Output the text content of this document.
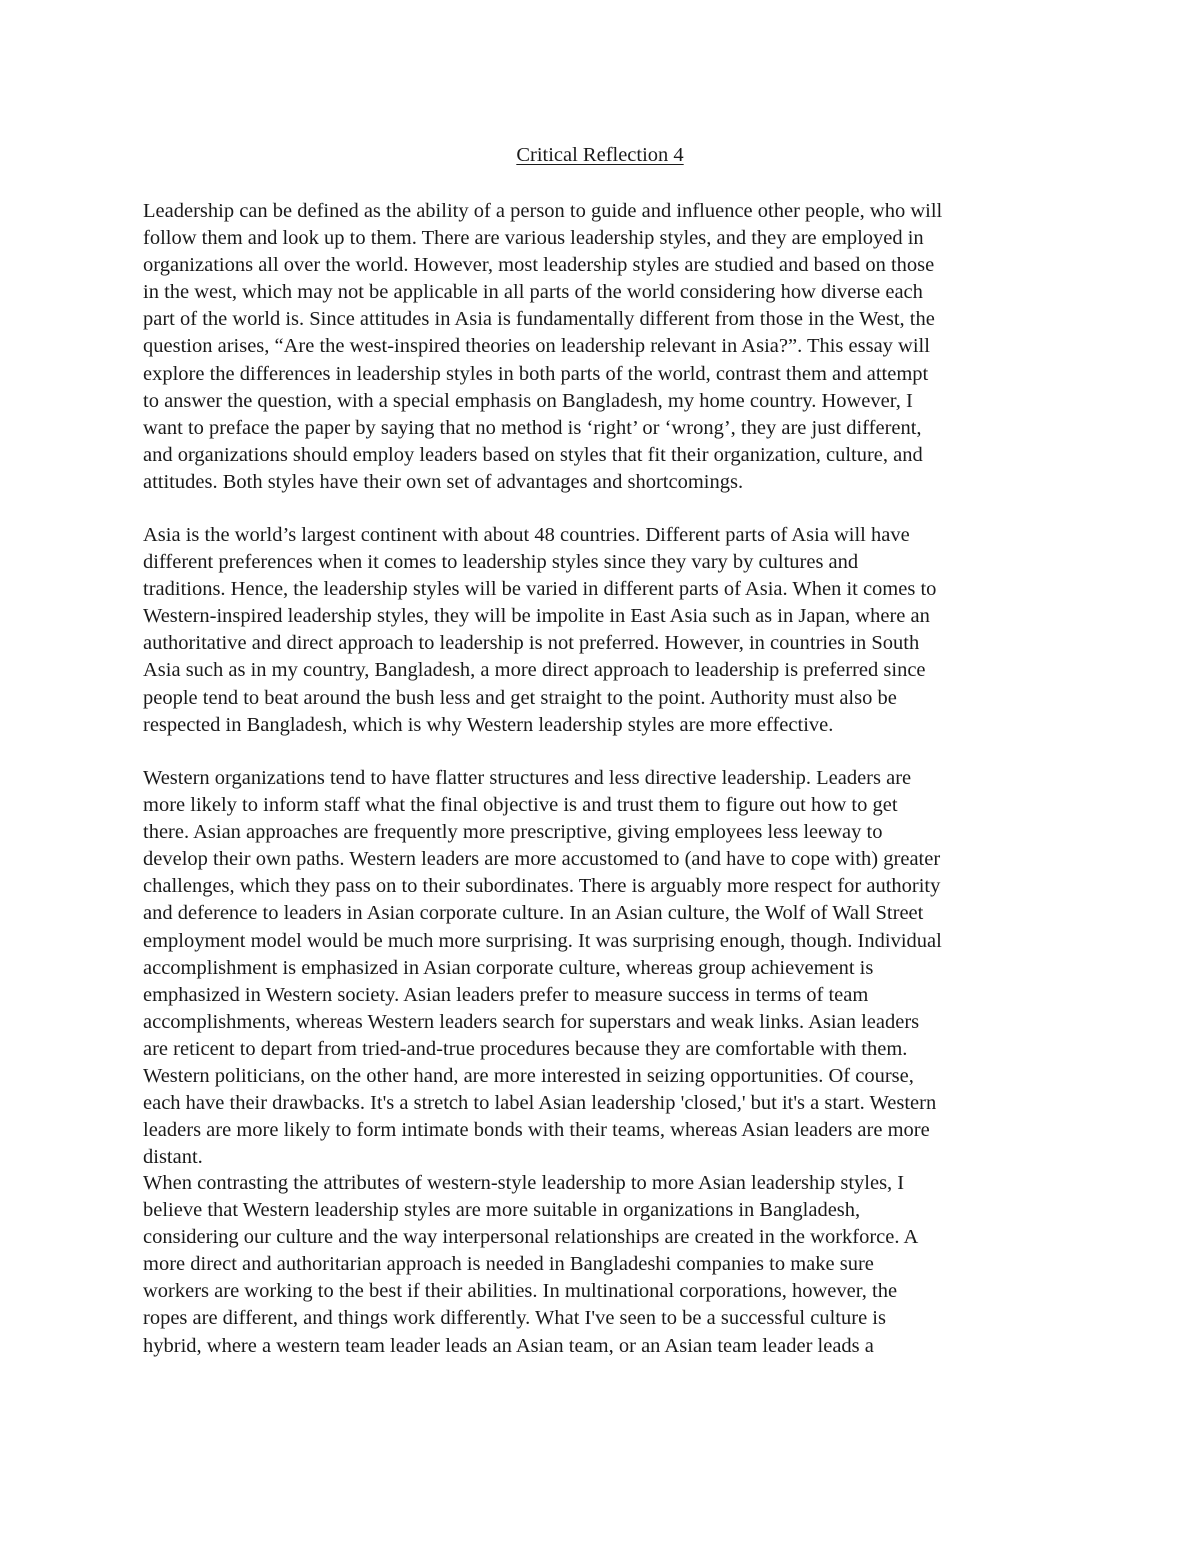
Critical Reflection 4

Leadership can be defined as the ability of a person to guide and influence other people, who will
follow them and look up to them. There are various leadership styles, and they are employed in
organizations all over the world. However, most leadership styles are studied and based on those
in the west, which may not be applicable in all parts of the world considering how diverse each
part of the world is. Since attitudes in Asia is fundamentally different from those in the West, the
question arises, “Are the west-inspired theories on leadership relevant in Asia?”. This essay will
explore the differences in leadership styles in both parts of the world, contrast them and attempt
to answer the question, with a special emphasis on Bangladesh, my home country. However, I
want to preface the paper by saying that no method is ‘right’ or ‘wrong’, they are just different,
and organizations should employ leaders based on styles that fit their organization, culture, and
attitudes. Both styles have their own set of advantages and shortcomings.

Asia is the world’s largest continent with about 48 countries. Different parts of Asia will have
different preferences when it comes to leadership styles since they vary by cultures and
traditions. Hence, the leadership styles will be varied in different parts of Asia. When it comes to
Western-inspired leadership styles, they will be impolite in East Asia such as in Japan, where an
authoritative and direct approach to leadership is not preferred. However, in countries in South
Asia such as in my country, Bangladesh, a more direct approach to leadership is preferred since
people tend to beat around the bush less and get straight to the point. Authority must also be
respected in Bangladesh, which is why Western leadership styles are more effective.

Western organizations tend to have flatter structures and less directive leadership. Leaders are
more likely to inform staff what the final objective is and trust them to figure out how to get
there. Asian approaches are frequently more prescriptive, giving employees less leeway to
develop their own paths. Western leaders are more accustomed to (and have to cope with) greater
challenges, which they pass on to their subordinates. There is arguably more respect for authority
and deference to leaders in Asian corporate culture. In an Asian culture, the Wolf of Wall Street
employment model would be much more surprising. It was surprising enough, though. Individual
accomplishment is emphasized in Asian corporate culture, whereas group achievement is
emphasized in Western society. Asian leaders prefer to measure success in terms of team
accomplishments, whereas Western leaders search for superstars and weak links. Asian leaders
are reticent to depart from tried-and-true procedures because they are comfortable with them.
Western politicians, on the other hand, are more interested in seizing opportunities. Of course,
each have their drawbacks. It's a stretch to label Asian leadership 'closed,' but it's a start. Western
leaders are more likely to form intimate bonds with their teams, whereas Asian leaders are more
distant.

When contrasting the attributes of western-style leadership to more Asian leadership styles, I
believe that Western leadership styles are more suitable in organizations in Bangladesh,
considering our culture and the way interpersonal relationships are created in the workforce. A
more direct and authoritarian approach is needed in Bangladeshi companies to make sure
workers are working to the best if their abilities. In multinational corporations, however, the
ropes are different, and things work differently. What I've seen to be a successful culture is
hybrid, where a western team leader leads an Asian team, or an Asian team leader leads a
